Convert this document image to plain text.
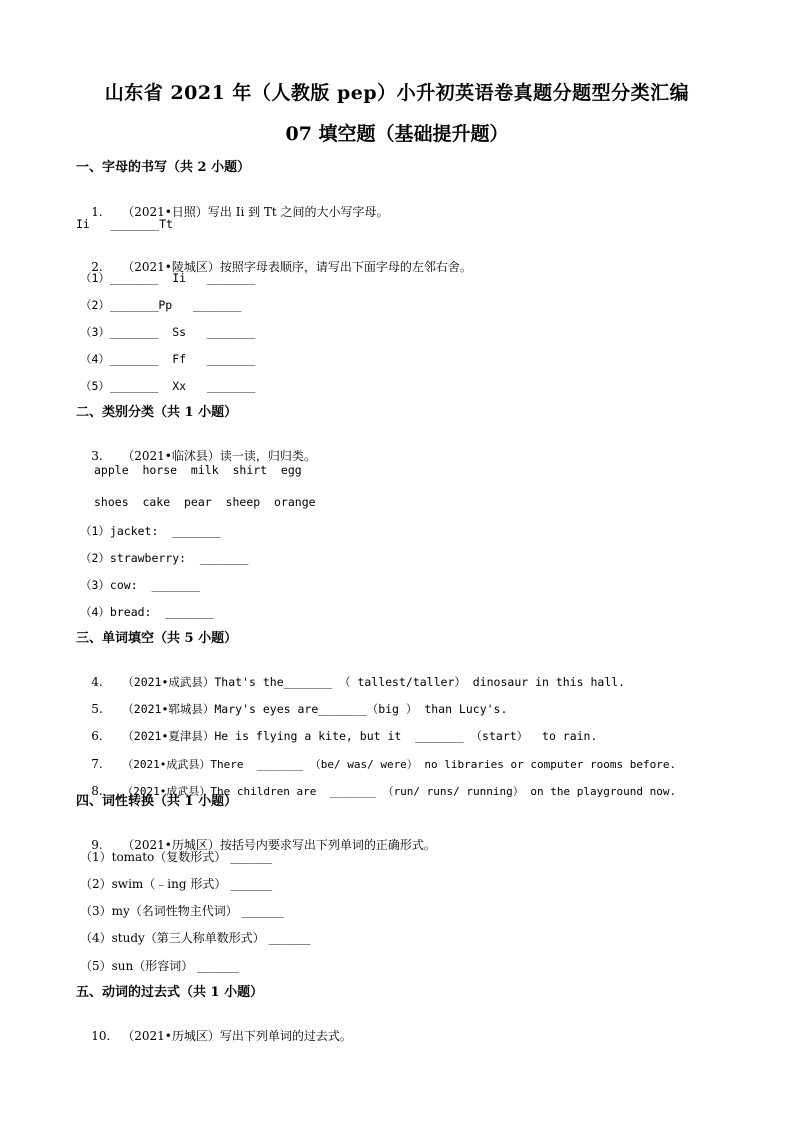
山东省 2021 年（人教版 pep）小升初英语卷真题分题型分类汇编
07 填空题（基础提升题）
一、字母的书写（共 2 小题）

1. （2021•日照）写出 Ii 到 Tt 之间的大小写字母。

Ii   _______Tt

2. （2021•陵城区）按照字母表顺序，请写出下面字母的左邻右舍。

（1）_______  Ii   _______
（2）_______Pp   _______
（3）_______  Ss   _______
（4）_______  Ff   _______
（5）_______  Xx   _______
二、类别分类（共 1 小题）

3. （2021•临沭县）读一读，归归类。

apple  horse  milk  shirt  egg
shoes  cake  pear  sheep  orange
（1）jacket:  _______
（2）strawberry:  _______
（3）cow:  _______
（4）bread:  _______
三、单词填空（共 5 小题）

4. （2021•成武县）That's the_______ （ tallest/taller） dinosaur in this hall.

5. （2021•郓城县）Mary's eyes are_______（big ） than Lucy's.

6. （2021•夏津县）He is flying a kite, but it  _______ （start）  to rain.

7. （2021•成武县）There  _______ （be/ was/ were） no libraries or computer rooms before.

8. （2021•成武县）The children are  _______ （run/ runs/ running） on the playground now.

四、词性转换（共 1 小题）

9. （2021•历城区）按括号内要求写出下列单词的正确形式。

（1）tomato（复数形式） _______
（2）swim（﹣ing 形式） _______
（3）my（名词性物主代词） _______
（4）study（第三人称单数形式） _______
（5）sun（形容词） _______
五、动词的过去式（共 1 小题）

10. （2021•历城区）写出下列单词的过去式。
